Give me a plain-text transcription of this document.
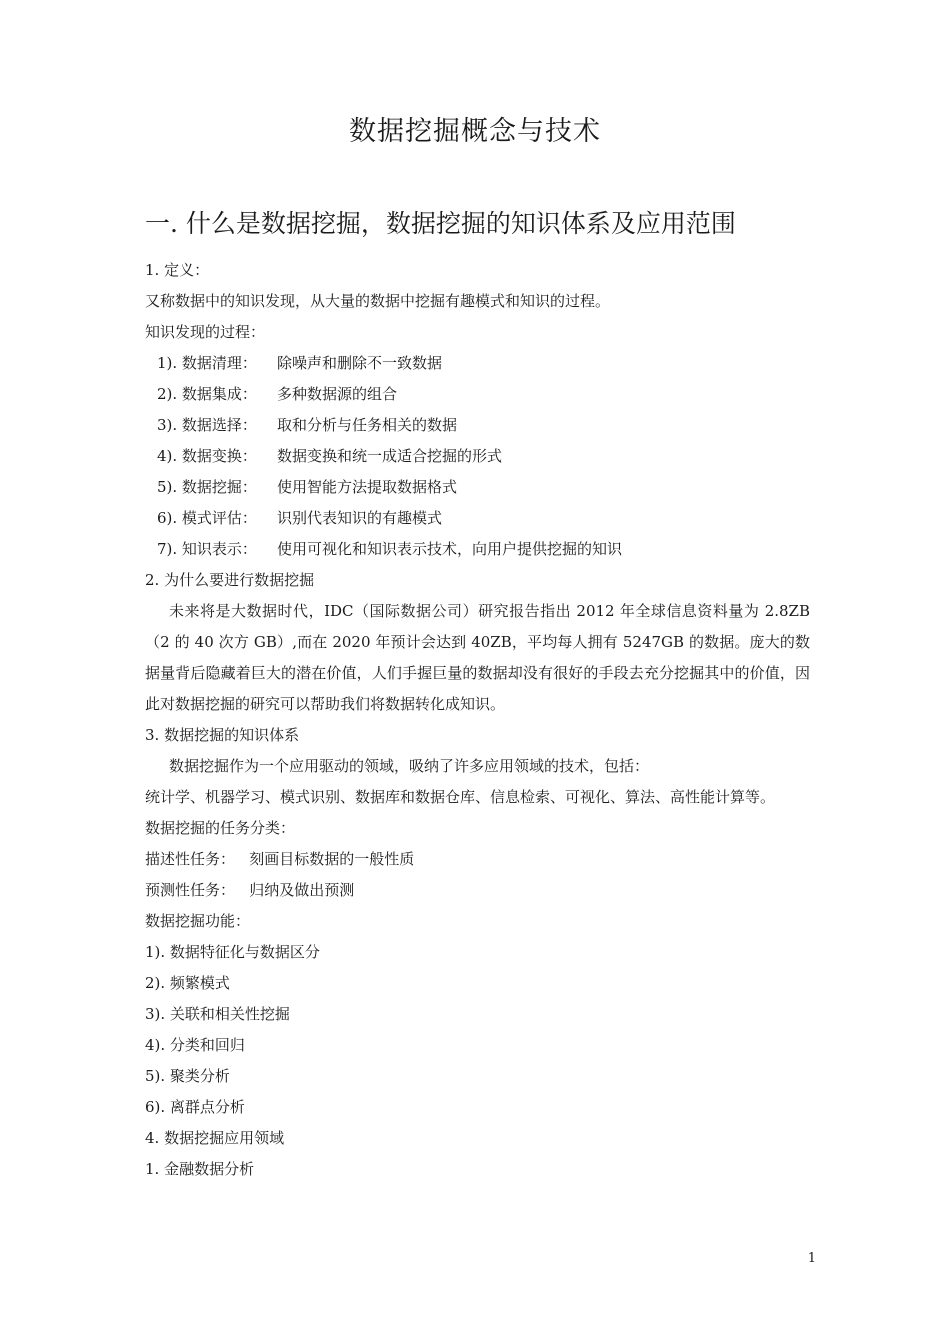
数据挖掘概念与技术
一. 什么是数据挖掘，数据挖掘的知识体系及应用范围
1. 定义：
又称数据中的知识发现，从大量的数据中挖掘有趣模式和知识的过程。
知识发现的过程：
1). 数据清理： 除噪声和删除不一致数据
2). 数据集成： 多种数据源的组合
3). 数据选择： 取和分析与任务相关的数据
4). 数据变换： 数据变换和统一成适合挖掘的形式
5). 数据挖掘： 使用智能方法提取数据格式
6). 模式评估： 识别代表知识的有趣模式
7). 知识表示： 使用可视化和知识表示技术，向用户提供挖掘的知识
2. 为什么要进行数据挖掘
未来将是大数据时代，IDC（国际数据公司）研究报告指出 2012 年全球信息资料量为 2.8ZB（2 的 40 次方 GB）,而在 2020 年预计会达到 40ZB，平均每人拥有 5247GB 的数据。庞大的数据量背后隐藏着巨大的潜在价值，人们手握巨量的数据却没有很好的手段去充分挖掘其中的价值，因此对数据挖掘的研究可以帮助我们将数据转化成知识。
3. 数据挖掘的知识体系
数据挖掘作为一个应用驱动的领域，吸纳了许多应用领域的技术，包括：
统计学、机器学习、模式识别、数据库和数据仓库、信息检索、可视化、算法、高性能计算等。
数据挖掘的任务分类：
描述性任务：   刻画目标数据的一般性质
预测性任务：   归纳及做出预测
数据挖掘功能：
1). 数据特征化与数据区分
2). 频繁模式
3). 关联和相关性挖掘
4). 分类和回归
5). 聚类分析
6). 离群点分析
4. 数据挖掘应用领域
1. 金融数据分析
1
